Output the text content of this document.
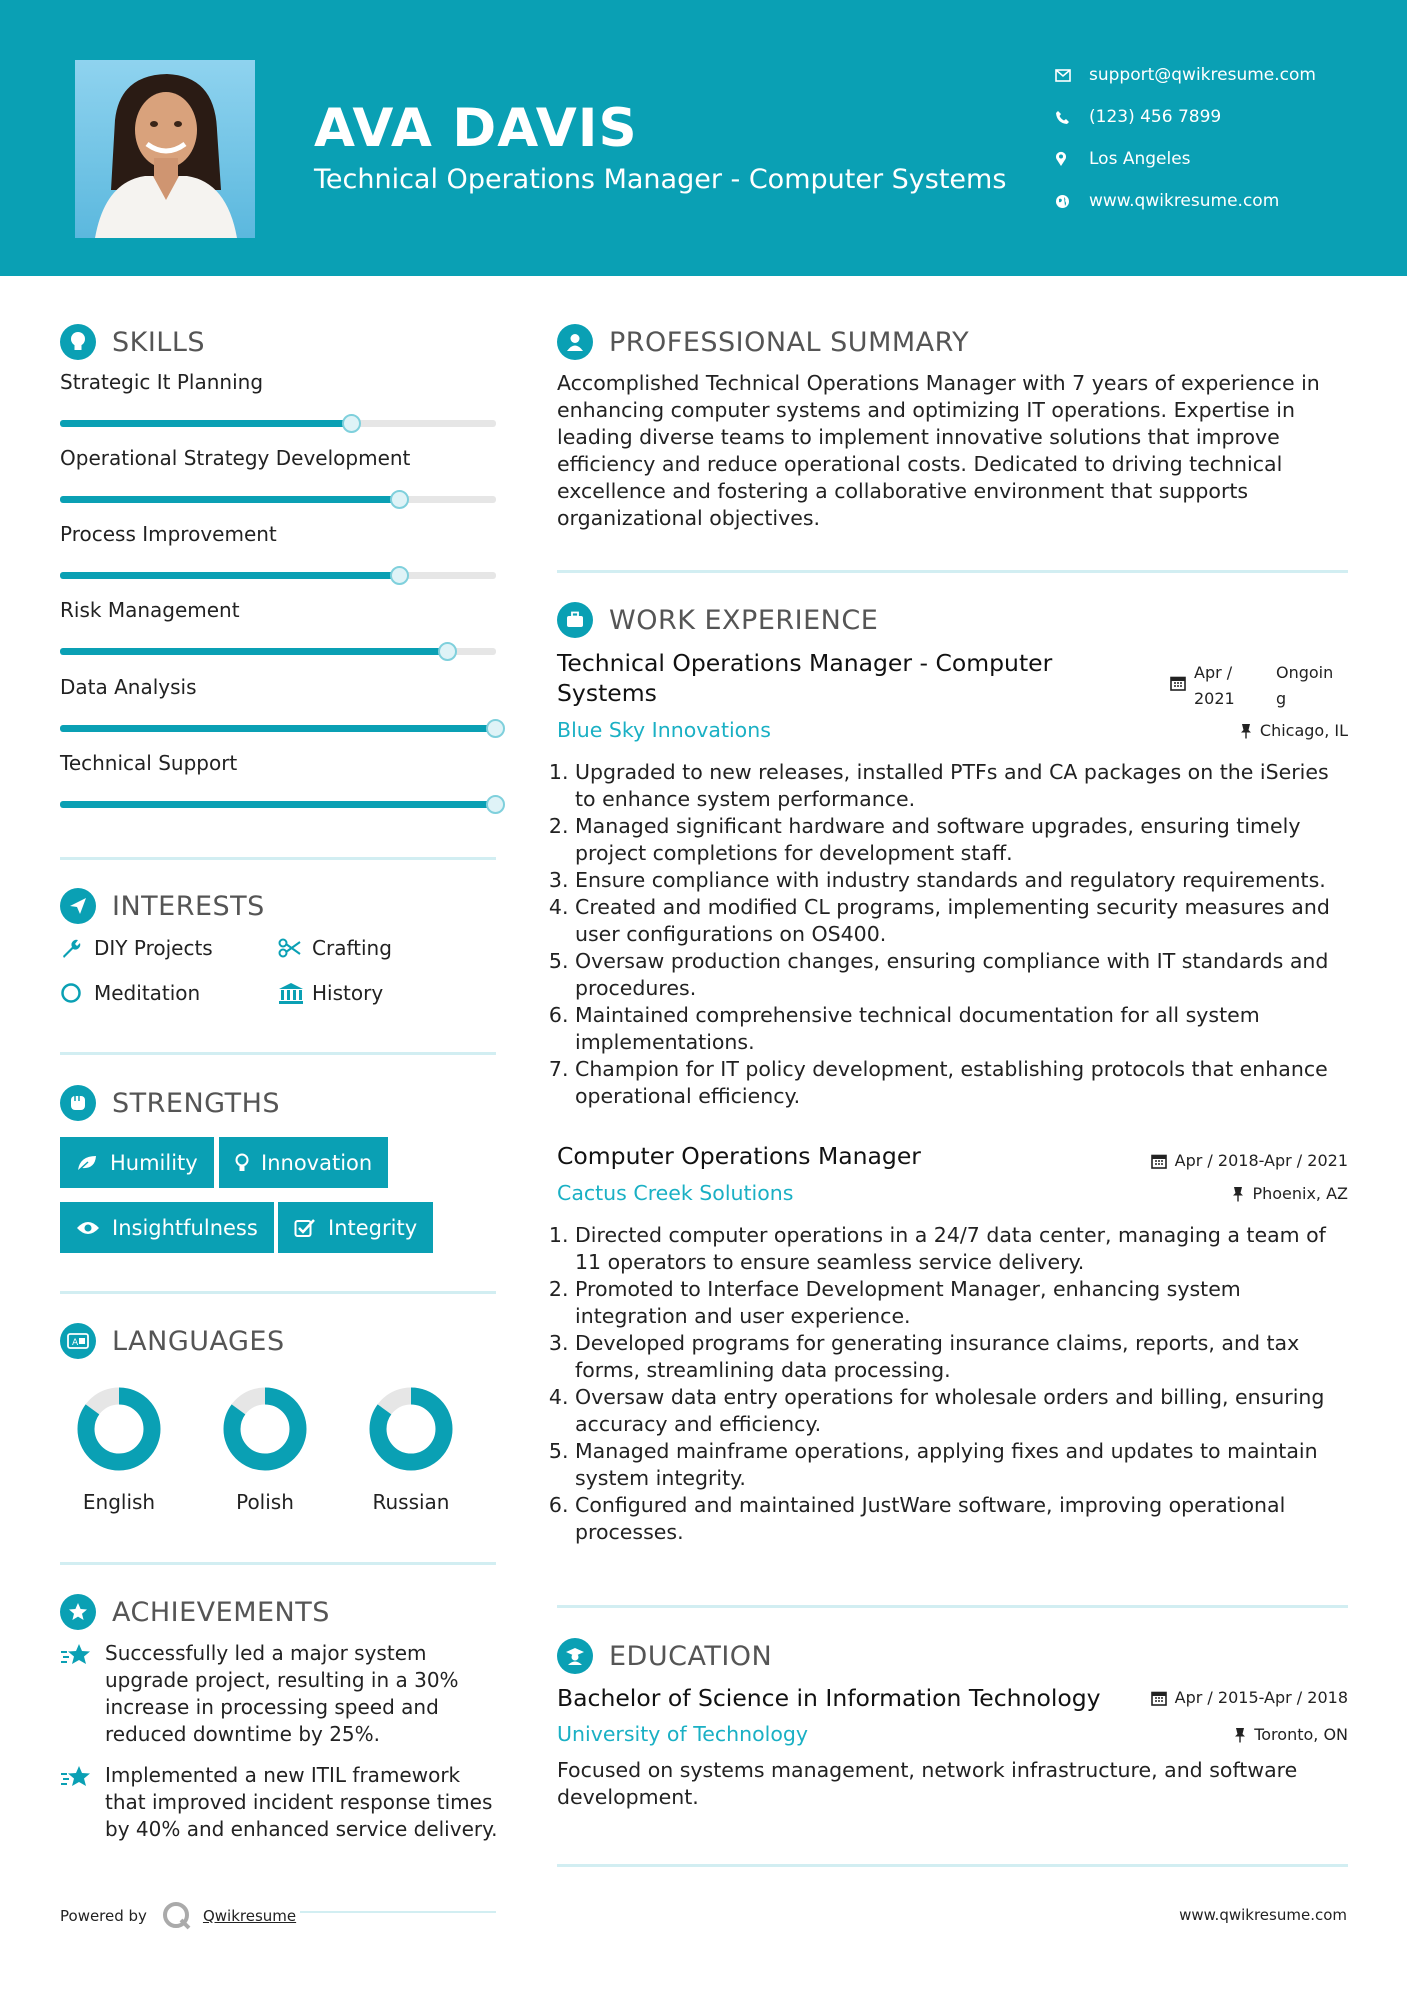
AVA DAVIS
Technical Operations Manager - Computer Systems
support@qwikresume.com
(123) 456 7899
Los Angeles
www.qwikresume.com
SKILLS
Strategic It Planning
Operational Strategy Development
Process Improvement
Risk Management
Data Analysis
Technical Support
INTERESTS
DIY Projects	Crafting
Meditation	History
STRENGTHS
Humility	Innovation
Insightfulness	Integrity
A LANGUAGES
English	Polish	Russian
ACHIEVEMENTS
Successfully led a major system upgrade project, resulting in a 30% increase in processing speed and reduced downtime by 25%.
Implemented a new ITIL framework that improved incident response times by 40% and enhanced service delivery.
Powered by	Qwikresume
PROFESSIONAL SUMMARY
Accomplished Technical Operations Manager with 7 years of experience in enhancing computer systems and optimizing IT operations. Expertise in leading diverse teams to implement innovative solutions that improve efficiency and reduce operational costs. Dedicated to driving technical excellence and fostering a collaborative environment that supports organizational objectives.
WORK EXPERIENCE
Technical Operations Manager - Computer Systems
Apr / 2021
Ongoing
Blue Sky Innovations	Chicago, IL
1. Upgraded to new releases, installed PTFs and CA packages on the iSeries to enhance system performance.
2. Managed significant hardware and software upgrades, ensuring timely project completions for development staff.
3. Ensure compliance with industry standards and regulatory requirements.
4. Created and modified CL programs, implementing security measures and user configurations on OS400.
5. Oversaw production changes, ensuring compliance with IT standards and procedures.
6. Maintained comprehensive technical documentation for all system implementations.
7. Champion for IT policy development, establishing protocols that enhance operational efficiency.
Computer Operations Manager	Apr / 2018-Apr / 2021
Cactus Creek Solutions	Phoenix, AZ
1. Directed computer operations in a 24/7 data center, managing a team of 11 operators to ensure seamless service delivery.
2. Promoted to Interface Development Manager, enhancing system integration and user experience.
3. Developed programs for generating insurance claims, reports, and tax forms, streamlining data processing.
4. Oversaw data entry operations for wholesale orders and billing, ensuring accuracy and efficiency.
5. Managed mainframe operations, applying fixes and updates to maintain system integrity.
6. Configured and maintained JustWare software, improving operational processes.
EDUCATION
Bachelor of Science in Information Technology	Apr / 2015-Apr / 2018
University of Technology	Toronto, ON
Focused on systems management, network infrastructure, and software development.
www.qwikresume.com
